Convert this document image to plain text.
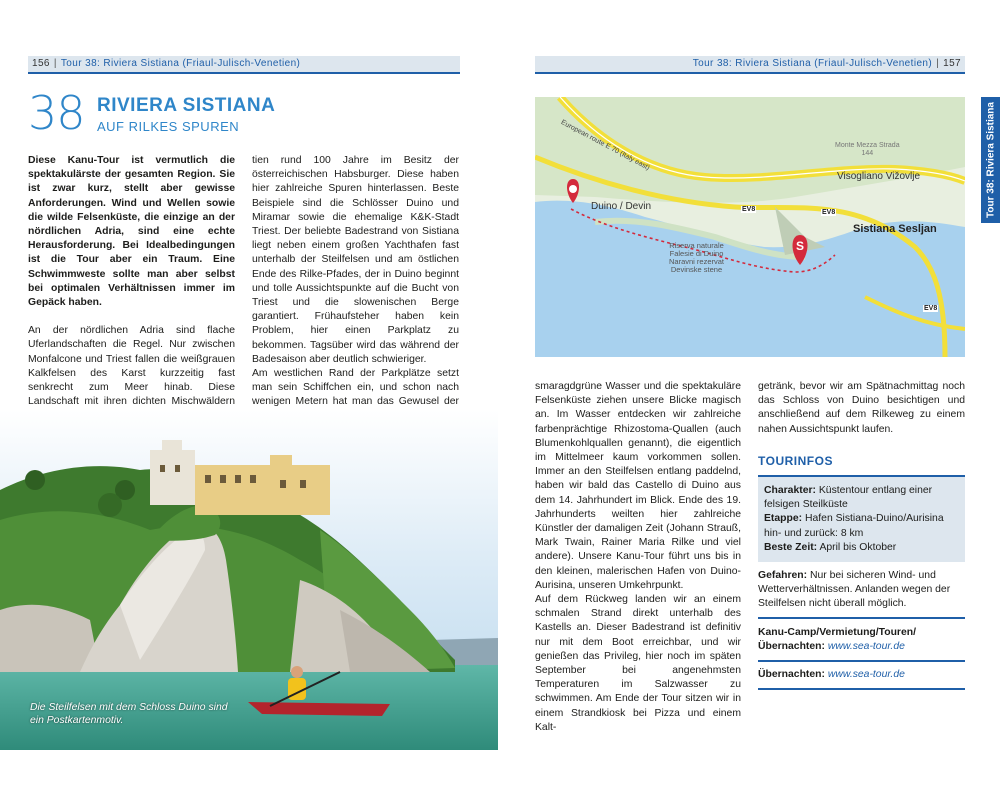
156 | Tour 38: Riviera Sistiana (Friaul-Julisch-Venetien)
38 RIVIERA SISTIANA
AUF RILKES SPUREN

Diese Kanu-Tour ist vermutlich die spektakulärste der gesamten Region. Sie ist zwar kurz, stellt aber gewisse Anforderungen. Wind und Wellen sowie die wilde Felsenküste, die einzige an der nördlichen Adria, sind eine echte Herausforderung. Bei Idealbedingungen ist die Tour aber ein Traum. Eine Schwimmweste sollte man aber selbst bei optimalen Verhältnissen immer im Gepäck haben.

An der nördlichen Adria sind flache Uferlandschaften die Regel. Nur zwischen Monfalcone und Triest fallen die weißgrauen Kalkfelsen des Karst kurzzeitig fast senkrecht zum Meer hinab. Diese Landschaft mit ihren dichten Mischwäldern

tien rund 100 Jahre im Besitz der österreichischen Habsburger. Diese haben hier zahlreiche Spuren hinterlassen. Beste Beispiele sind die Schlösser Duino und Miramar sowie die ehemalige K&K-Stadt Triest. Der beliebte Badestrand von Sistiana liegt neben einem großen Yachthafen fast unterhalb der Steilfelsen und am östlichen Ende des Rilke-Pfades, der in Duino beginnt und tolle Aussichtspunkte auf die Bucht von Triest und die slowenischen Berge garantiert. Frühaufsteher haben kein Problem, hier einen Parkplatz zu bekommen. Tagsüber wird das während der Badesaison aber deutlich schwieriger.

Am westlichen Rand der Parkplätze setzt man sein Schiffchen ein, und schon nach wenigen Metern hat man das Gewusel der

Die Steilfelsen mit dem Schloss Duino sind ein Postkartenmotiv.
Tour 38: Riviera Sistiana (Friaul-Julisch-Venetien) | 157
European route E 70 (Italy east)
Duino / Devin
Sistiana Sesljan
Visogliano Vižovlje
EV8	EV8
EV8
Riserva naturale
Falesie di Duino
Naravni rezervat
Devinske stene
Monte Mezza Strada
144
S

smaragdgrüne Wasser und die spektakuläre Felsenküste ziehen unsere Blicke magisch an. Im Wasser entdecken wir zahlreiche farbenprächtige Rhizostoma-Quallen (auch Blumenkohlquallen genannt), die eigentlich im Mittelmeer kaum vorkommen sollen. Immer an den Steilfelsen entlang paddelnd, haben wir bald das Castello di Duino aus dem 14. Jahrhundert im Blick. Ende des 19. Jahrhunderts weilten hier zahlreiche Künstler der damaligen Zeit (Johann Strauß, Mark Twain, Rainer Maria Rilke und viel andere). Unsere Kanu-Tour führt uns bis in den kleinen, malerischen Hafen von Duino-Aurisina, unseren Umkehrpunkt.

Auf dem Rückweg landen wir an einem schmalen Strand direkt unterhalb des Kastells an. Dieser Badestrand ist definitiv nur mit dem Boot erreichbar, und wir genießen das Privileg, hier noch im späten September bei angenehmsten Temperaturen im Salzwasser zu schwimmen. Am Ende der Tour sitzen wir in einem Strandkiosk bei Pizza und einem Kalt-

getränk, bevor wir am Spätnachmittag noch das Schloss von Duino besichtigen und anschließend auf dem Rilkeweg zu einem nahen Aussichtspunkt laufen.

TOURINFOS
Charakter: Küstentour entlang einer felsigen Steilküste
Etappe: Hafen Sistiana-Duino/Aurisina hin- und zurück: 8 km
Beste Zeit: April bis Oktober
Gefahren: Nur bei sicheren Wind- und Wetterverhältnissen. Anlanden wegen der Steilfelsen nicht überall möglich.
Kanu-Camp/Vermietung/Touren/
Übernachten: www.sea-tour.de
Übernachten: www.sea-tour.de
Tour 38: Riviera Sistiana
